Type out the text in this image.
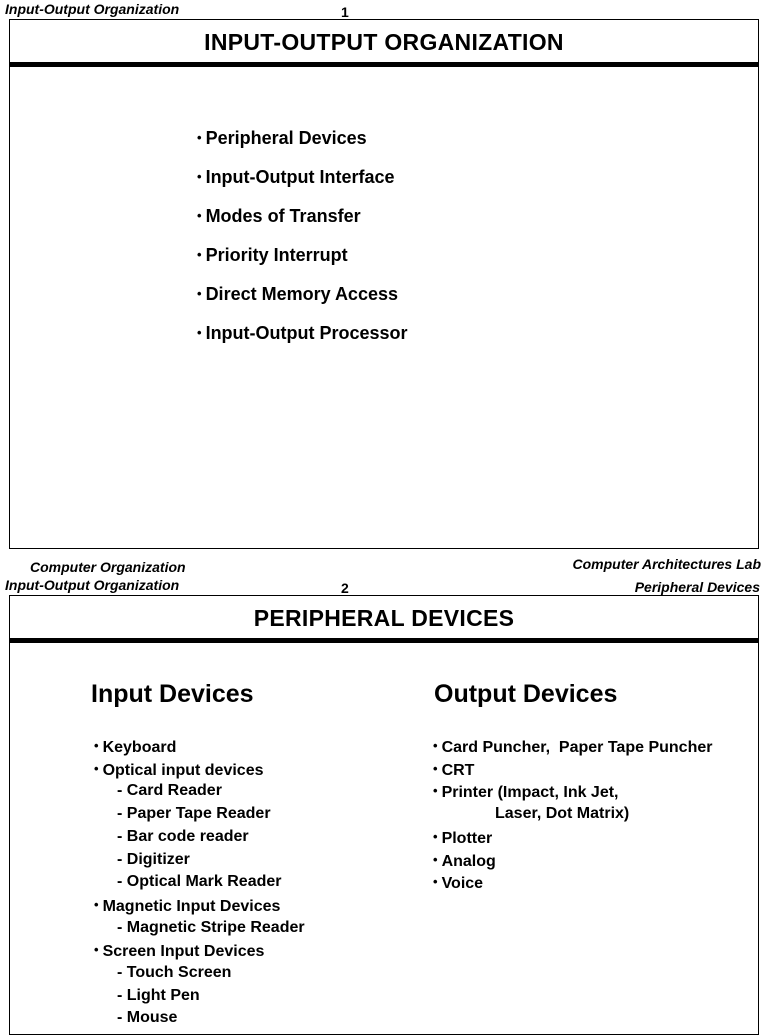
Input-Output Organization	1
INPUT-OUTPUT ORGANIZATION
• Peripheral Devices
• Input-Output Interface
• Modes of Transfer
• Priority Interrupt
• Direct Memory Access
• Input-Output Processor
Computer Organization	Computer Architectures Lab
Input-Output Organization	2	Peripheral Devices
PERIPHERAL DEVICES
Input Devices	Output Devices
• Keyboard
• Optical input devices
- Card Reader
- Paper Tape Reader
- Bar code reader
- Digitizer
- Optical Mark Reader
• Magnetic Input Devices
- Magnetic Stripe Reader
• Screen Input Devices
- Touch Screen
- Light Pen
- Mouse
• Card Puncher,  Paper Tape Puncher
• CRT
• Printer (Impact, Ink Jet,
Laser, Dot Matrix)
• Plotter
• Analog
• Voice
